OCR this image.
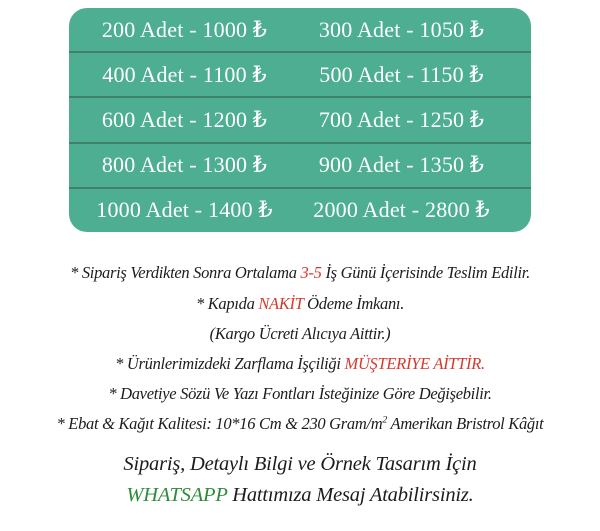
200 Adet - 1000 ₺	300 Adet - 1050 ₺
400 Adet - 1100 ₺	500 Adet - 1150 ₺
600 Adet - 1200 ₺	700 Adet - 1250 ₺
800 Adet - 1300 ₺	900 Adet - 1350 ₺
1000 Adet - 1400 ₺	2000 Adet - 2800 ₺
* Sipariş Verdikten Sonra Ortalama 3-5 İş Günü İçerisinde Teslim Edilir.
* Kapıda NAKİT Ödeme İmkanı.
(Kargo Ücreti Alıcıya Aittir.)
* Ürünlerimizdeki Zarflama İşçiliği MÜŞTERİYE AİTTİR.
* Davetiye Sözü Ve Yazı Fontları İsteğinize Göre Değişebilir.
* Ebat & Kağıt Kalitesi: 10*16 Cm & 230 Gram/$m^2$ Amerikan Bristrol Kâğıt
Sipariş, Detaylı Bilgi ve Örnek Tasarım İçin
WHATSAPP Hattımıza Mesaj Atabilirsiniz.
